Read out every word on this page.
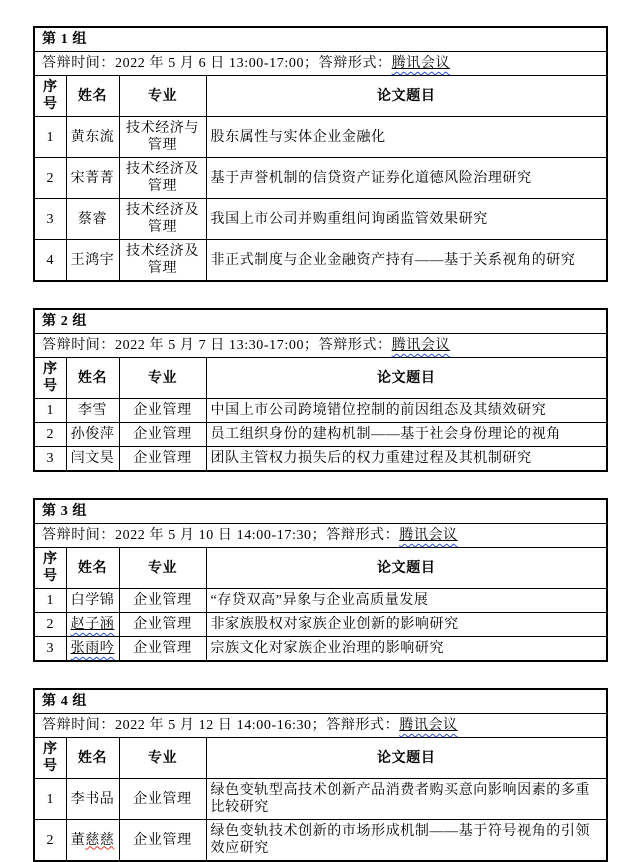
第 1 组			
答辩时间：2022 年 5 月 6 日 13:00-17:00；答辩形式：腾讯会议			
序号	姓名	专业	论文题目
1	黄东流	技术经济与管理	股东属性与实体企业金融化
2	宋菁菁	技术经济及管理	基于声誉机制的信贷资产证券化道德风险治理研究
3	蔡睿	技术经济及管理	我国上市公司并购重组问询函监管效果研究
4	王鸿宇	技术经济及管理	非正式制度与企业金融资产持有——基于关系视角的研究
第 2 组			
答辩时间：2022 年 5 月 7 日 13:30-17:00；答辩形式：腾讯会议			
序号	姓名	专业	论文题目
1	李雪	企业管理	中国上市公司跨境错位控制的前因组态及其绩效研究
2	孙俊萍	企业管理	员工组织身份的建构机制——基于社会身份理论的视角
3	闫文昊	企业管理	团队主管权力损失后的权力重建过程及其机制研究
第 3 组			
答辩时间：2022 年 5 月 10 日 14:00-17:30；答辩形式：腾讯会议			
序号	姓名	专业	论文题目
1	白学锦	企业管理	“存贷双高”异象与企业高质量发展
2	赵子涵	企业管理	非家族股权对家族企业创新的影响研究
3	张雨吟	企业管理	宗族文化对家族企业治理的影响研究
第 4 组			
答辩时间：2022 年 5 月 12 日 14:00-16:30；答辩形式：腾讯会议			
序号	姓名	专业	论文题目
1	李书品	企业管理	绿色变轨型高技术创新产品消费者购买意向影响因素的多重比较研究
2	董慈慈	企业管理	绿色变轨技术创新的市场形成机制——基于符号视角的引领效应研究
